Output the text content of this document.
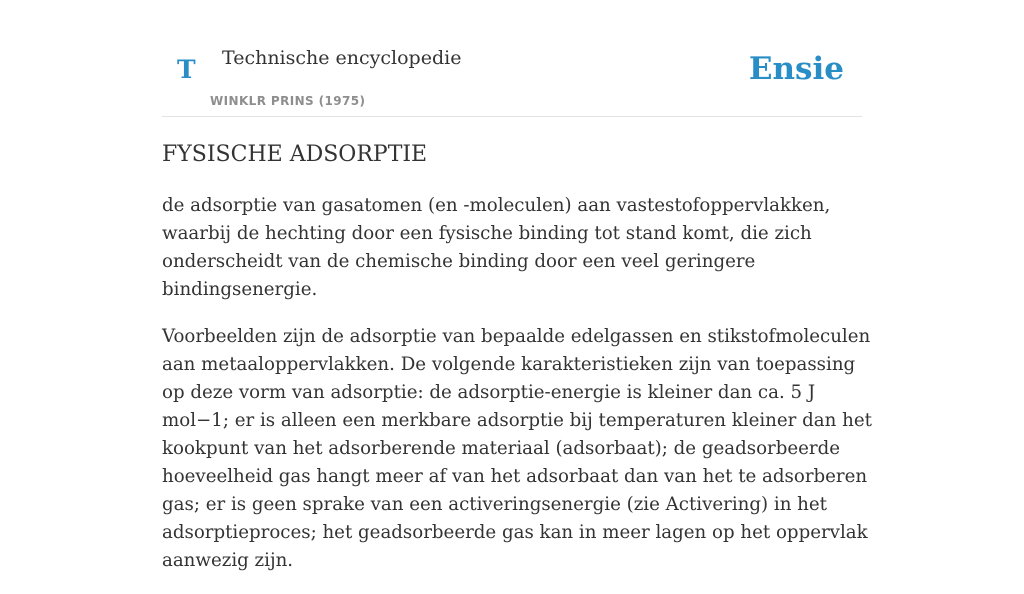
T Technische encyclopedie
WINKLR PRINS (1975)
Ensie
FYSISCHE ADSORPTIE

de adsorptie van gasatomen (en -moleculen) aan vastestofoppervlakken, waarbij de hechting door een fysische binding tot stand komt, die zich onderscheidt van de chemische binding door een veel geringere bindingsenergie.

Voorbeelden zijn de adsorptie van bepaalde edelgassen en stikstofmoleculen aan metaaloppervlakken. De volgende karakteristieken zijn van toepassing op deze vorm van adsorptie: de adsorptie-energie is kleiner dan ca. 5 J mol−1; er is alleen een merkbare adsorptie bij temperaturen kleiner dan het kookpunt van het adsorberende materiaal (adsorbaat); de geadsorbeerde hoeveelheid gas hangt meer af van het adsorbaat dan van het te adsorberen gas; er is geen sprake van een activeringsenergie (zie Activering) in het adsorptieproces; het geadsorbeerde gas kan in meer lagen op het oppervlak aanwezig zijn.
